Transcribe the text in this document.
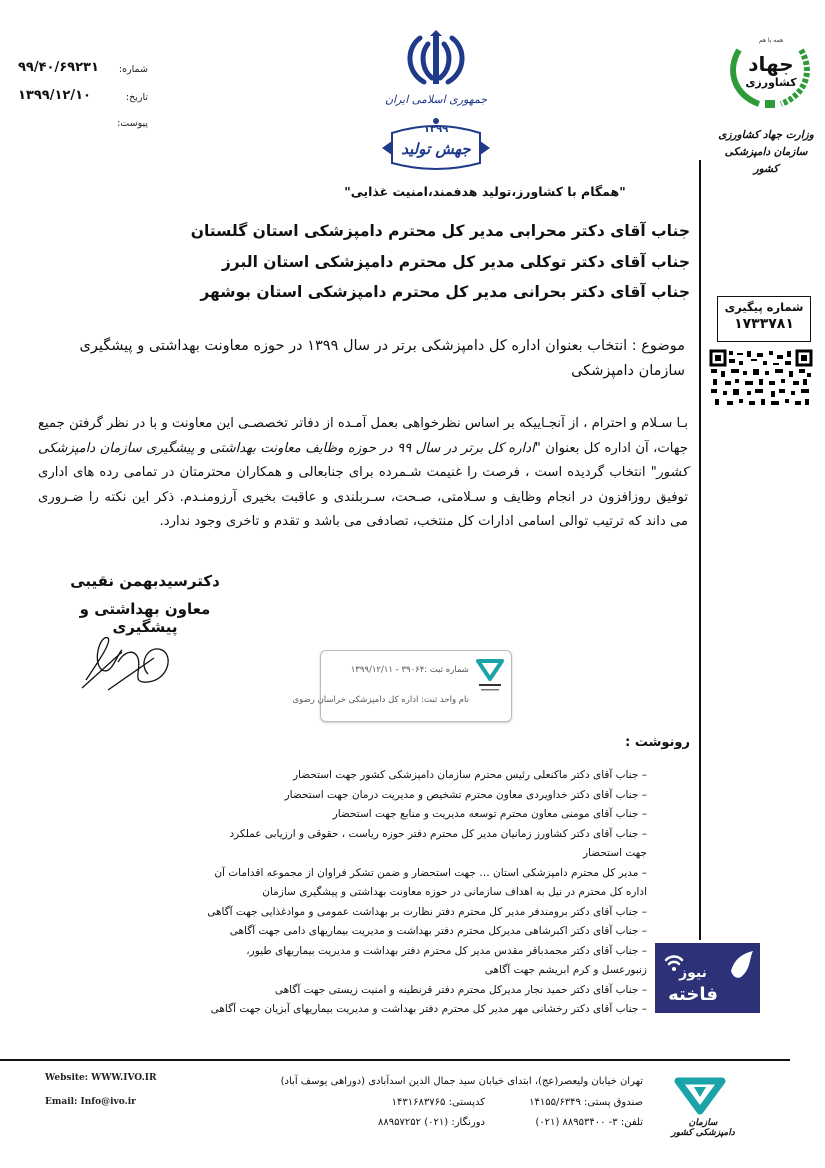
شماره:
۹۹/۴۰/۶۹۲۳۱
تاریخ:
۱۳۹۹/۱۲/۱۰
پیوست:
جمهوری اسلامی ایران
۱۳۹۹
جهش تولید
"همگام با کشاورز،تولید هدفمند،امنیت غذایی"
همه با هم
جهاد
کشاورزی
وزارت جهاد کشاورزی
سازمان دامپزشکی کشور
جناب آقای دکتر محرابی مدیر کل محترم دامپزشکی استان گلستان
جناب آقای دکتر توکلی مدیر کل محترم دامپزشکی استان البرز
جناب آقای دکتر بحرانی مدیر کل محترم دامپزشکی استان بوشهر
شماره پیگیری
۱۷۳۳۷۸۱
موضوع : انتخاب بعنوان اداره کل دامپزشکی برتر در سال ۱۳۹۹ در حوزه معاونت بهداشتی و پیشگیری سازمان دامپزشکی
بـا سـلام و احترام ، از آنجـاییکه بر اساس نظرخواهی بعمل آمـده از دفاتر تخصصـی این معاونت و با در نظر گرفتن جمیع جهات، آن اداره کل بعنوان "اداره کل برتر در سال ۹۹ در حوزه وظایف معاونت بهداشتی و پیشگیری سازمان دامپزشکی کشور" انتخاب گردیده است ، فرصت را غنیمت شـمرده برای جنابعالی و همکاران محترمتان در تمامی رده های اداری توفیق روزافزون در انجام وظایف و سـلامتی، صـحت، سـربلندی و عاقبت بخیری آرزومنـدم. ذکر این نکته را ضـروری می داند که ترتیب توالی اسامی ادارات کل منتخب، تصادفی می باشد و تقدم و تاخری وجود ندارد.
دکترسیدبهمن نقیبی
معاون بهداشتی و پیشگیری
شماره ثبت :۳۹۰۶۴ - ۱۳۹۹/۱۲/۱۱
نام واحد ثبت: اداره کل دامپزشکی خراسان رضوی
رونوشت :
– جناب آقای دکتر ماکنعلی رئیس محترم سازمان دامپزشکی کشور جهت استحضار
– جناب آقای دکتر خداویردی معاون محترم تشخیص و مدیریت درمان جهت استحضار
– جناب آقای مومنی معاون محترم توسعه مدیریت و منابع جهت استحضار
– جناب آقای دکتر کشاورز زمانیان مدیر کل محترم دفتر حوزه ریاست ، حقوقی و ارزیابی عملکرد جهت استحضار
– مدیر کل محترم دامپزشکی استان … جهت استحضار و ضمن تشکر فراوان از مجموعه اقدامات آن اداره کل محترم در نیل به اهداف سازمانی در حوزه معاونت بهداشتی و پیشگیری سازمان
– جناب آقای دکتر برومندفر مدیر کل محترم دفتر نظارت بر بهداشت عمومی و موادغذایی جهت آگاهی
– جناب آقای دکتر اکبرشاهی مدیرکل محترم دفتر بهداشت و مدیریت بیماریهای دامی جهت آگاهی
– جناب آقای دکتر محمدباقر مقدس مدیر کل محترم دفتر بهداشت و مدیریت بیماریهای طیور، زنبورعسل و کرم ابریشم جهت آگاهی
– جناب آقای دکتر حمید نجار مدیرکل محترم دفتر قرنطینه و امنیت زیستی جهت آگاهی
– جناب آقای دکتر رخشانی مهر مدیر کل محترم دفتر بهداشت و مدیریت بیماریهای آبزیان جهت آگاهی
نیوز
فاخته
Website: WWW.IVO.IR
Email: Info@ivo.ir
تهران خیابان ولیعصر(عج)، ابتدای خیابان سید جمال الدین اسدآبادی (دوراهی یوسف آباد)
صندوق پستی: ۱۴۱۵۵/۶۳۴۹
کدپستی: ۱۴۳۱۶۸۳۷۶۵
تلفن: ۳- ۸۸۹۵۳۴۰۰ (۰۲۱)
دورنگار: (۰۲۱) ۸۸۹۵۷۲۵۲	سازمان دامپزشکی کشور
